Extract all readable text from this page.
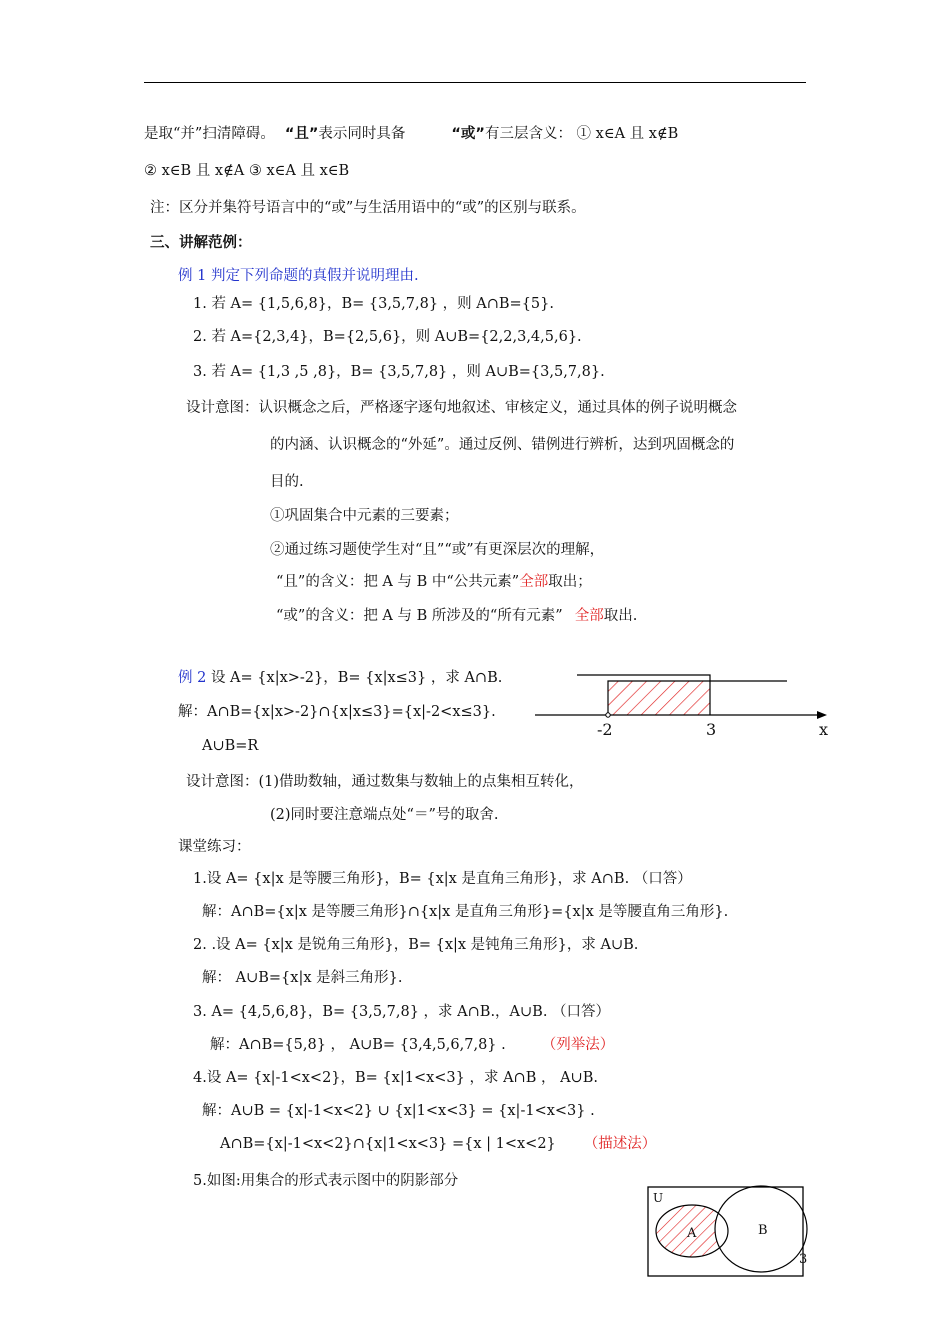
是取“并”扫清障碍。 “且”表示同时具备	“或”有三层含义： ① x∈A 且 x∉B
② x∈B 且 x∉A ③ x∈A 且 x∈B
注：区分并集符号语言中的“或”与生活用语中的“或”的区别与联系。
三、讲解范例：
例 1 判定下列命题的真假并说明理由.
1. 若 A= {1,5,6,8}，B= {3,5,7,8} ，则 A∩B={5}.
2. 若 A={2,3,4}，B={2,5,6}，则 A∪B={2,2,3,4,5,6}.
3. 若 A= {1,3 ,5 ,8}，B= {3,5,7,8} ，则 A∪B={3,5,7,8}.
设计意图：认识概念之后，严格逐字逐句地叙述、审核定义，通过具体的例子说明概念
的内涵、认识概念的“外延”。通过反例、错例进行辨析，达到巩固概念的
目的.
①巩固集合中元素的三要素；
②通过练习题使学生对“且”“或”有更深层次的理解，
“且”的含义：把 A 与 B 中“公共元素”全部取出；
“或”的含义：把 A 与 B 所涉及的“所有元素” 全部取出.
例 2 设 A= {x|x>-2}，B= {x|x≤3} ，求 A∩B.
解：A∩B={x|x>-2}∩{x|x≤3}={x|-2<x≤3}.
A∪B=R
-2	3	x
设计意图：(1)借助数轴，通过数集与数轴上的点集相互转化，
(2)同时要注意端点处“＝”号的取舍.
课堂练习：
1.设 A= {x|x 是等腰三角形}，B= {x|x 是直角三角形}，求 A∩B. （口答）
解：A∩B={x|x 是等腰三角形}∩{x|x 是直角三角形}={x|x 是等腰直角三角形}.
2. .设 A= {x|x 是锐角三角形}，B= {x|x 是钝角三角形}，求 A∪B.
解： A∪B={x|x 是斜三角形}.
3. A= {4,5,6,8}，B= {3,5,7,8} ，求 A∩B.，A∪B. （口答）
解：A∩B={5,8} ， A∪B= {3,4,5,6,7,8} . （列举法）
4.设 A= {x|-1<x<2}，B= {x|1<x<3} ，求 A∩B ， A∪B.
解：A∪B = {x|-1<x<2} ∪ {x|1<x<3} = {x|-1<x<3} .
A∩B={x|-1<x<2}∩{x|1<x<3} ={x | 1<x<2} （描述法）
5.如图:用集合的形式表示图中的阴影部分
U
A	B
3
